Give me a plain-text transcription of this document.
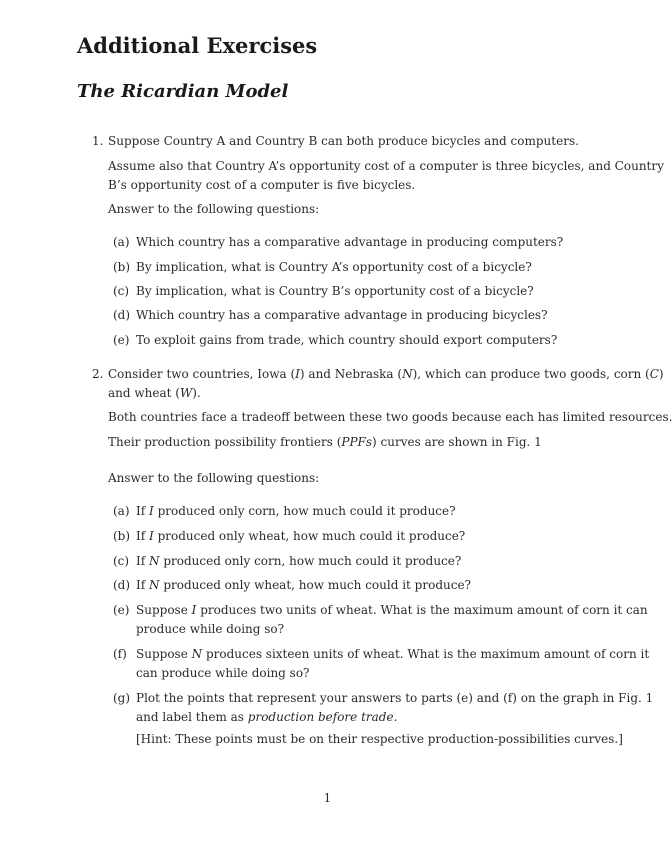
Additional Exercises
The Ricardian Model
1. Suppose Country A and Country B can both produce bicycles and computers.
Assume also that Country A’s opportunity cost of a computer is three bicycles, and Country
B’s opportunity cost of a computer is five bicycles.
Answer to the following questions:
(a) Which country has a comparative advantage in producing computers?
(b) By implication, what is Country A’s opportunity cost of a bicycle?
(c) By implication, what is Country B’s opportunity cost of a bicycle?
(d) Which country has a comparative advantage in producing bicycles?
(e) To exploit gains from trade, which country should export computers?
2. Consider two countries, Iowa (I) and Nebraska (N), which can produce two goods, corn (C)
and wheat (W).
Both countries face a tradeoff between these two goods because each has limited resources.
Their production possibility frontiers (PPFs) curves are shown in Fig. 1
Answer to the following questions:
(a) If I produced only corn, how much could it produce?
(b) If I produced only wheat, how much could it produce?
(c) If N produced only corn, how much could it produce?
(d) If N produced only wheat, how much could it produce?
(e) Suppose I produces two units of wheat. What is the maximum amount of corn it can
produce while doing so?
(f) Suppose N produces sixteen units of wheat. What is the maximum amount of corn it
can produce while doing so?
(g) Plot the points that represent your answers to parts (e) and (f) on the graph in Fig. 1
and label them as production before trade.
[Hint: These points must be on their respective production-possibilities curves.]
1
